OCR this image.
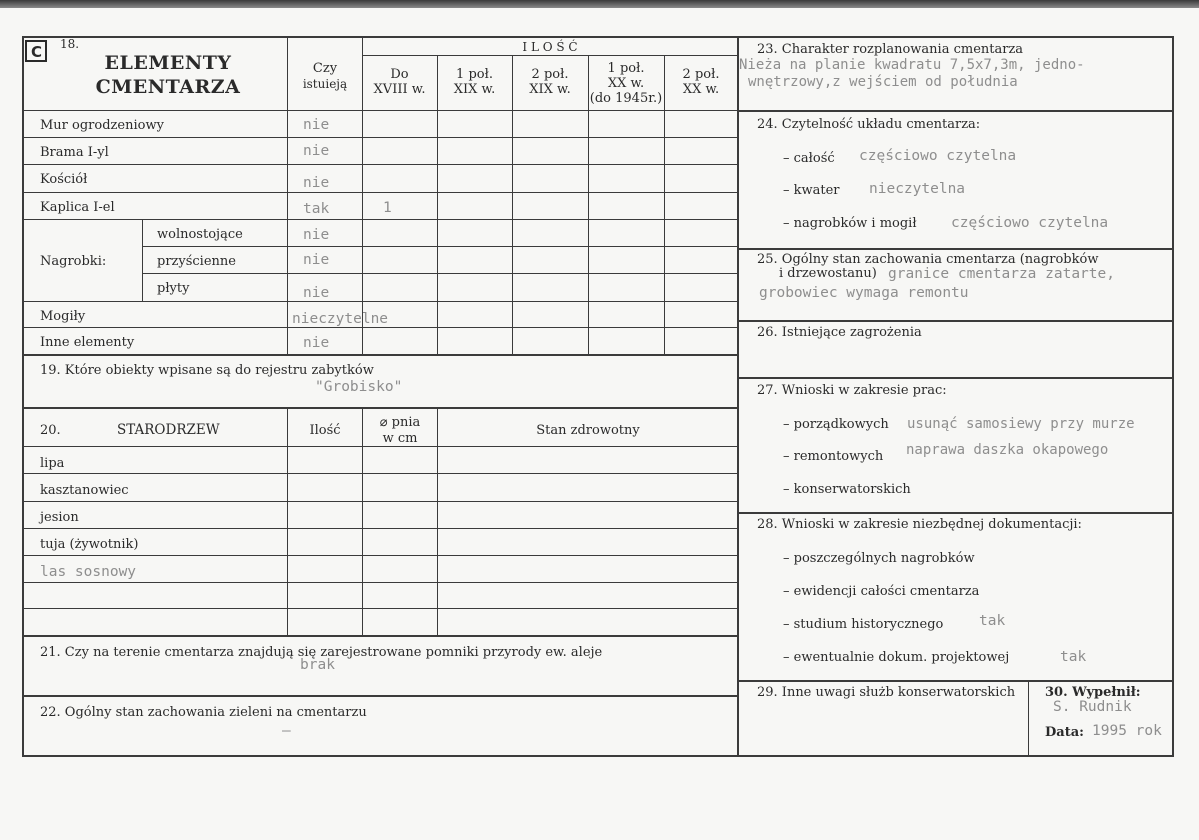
C 18.
ELEMENTY
CMENTARZA
Czy
istuieją
I L O Ś Ć
Do
XVIII w.
1 poł.
XIX w.
2 poł.
XIX w.
1 poł.
XX w.
(do 1945r.)
2 poł.
XX w.
Mur ogrodzeniowy	nie
Brama I-yl	nie
Kościół	nie
Kaplica I-el	tak	1
Nagrobki:
wolnostojące	nie
przyścienne	nie
płyty	nie
Mogiły	nieczytelne
Inne elementy	nie
19. Które obiekty wpisane są do rejestru zabytków
"Grobisko"
20.	STARODRZEW	Ilość
⌀ pnia
w cm
Stan zdrowotny
lipa
kasztanowiec
jesion
tuja (żywotnik)
las sosnowy
21. Czy na terenie cmentarza znajdują się zarejestrowane pomniki przyrody ew. aleje
brak
22. Ogólny stan zachowania zieleni na cmentarzu
–
23. Charakter rozplanowania cmentarza
Nieża na planie kwadratu 7,5x7,3m, jedno-
wnętrzowy,z wejściem od południa
24. Czytelność układu cmentarza:
– całość częściowo czytelna
– kwater nieczytelna
– nagrobków i mogił częściowo czytelna
25. Ogólny stan zachowania cmentarza (nagrobków
i drzewostanu) granice cmentarza zatarte,
grobowiec wymaga remontu
26. Istniejące zagrożenia
27. Wnioski w zakresie prac:
– porządkowych usunąć samosiewy przy murze
– remontowych naprawa daszka okapowego
– konserwatorskich
28. Wnioski w zakresie niezbędnej dokumentacji:
– poszczególnych nagrobków
– ewidencji całości cmentarza
– studium historycznego tak
– ewentualnie dokum. projektowej	tak
29. Inne uwagi służb konserwatorskich 30. Wypełnił:
S. Rudnik
Data: 1995 rok
